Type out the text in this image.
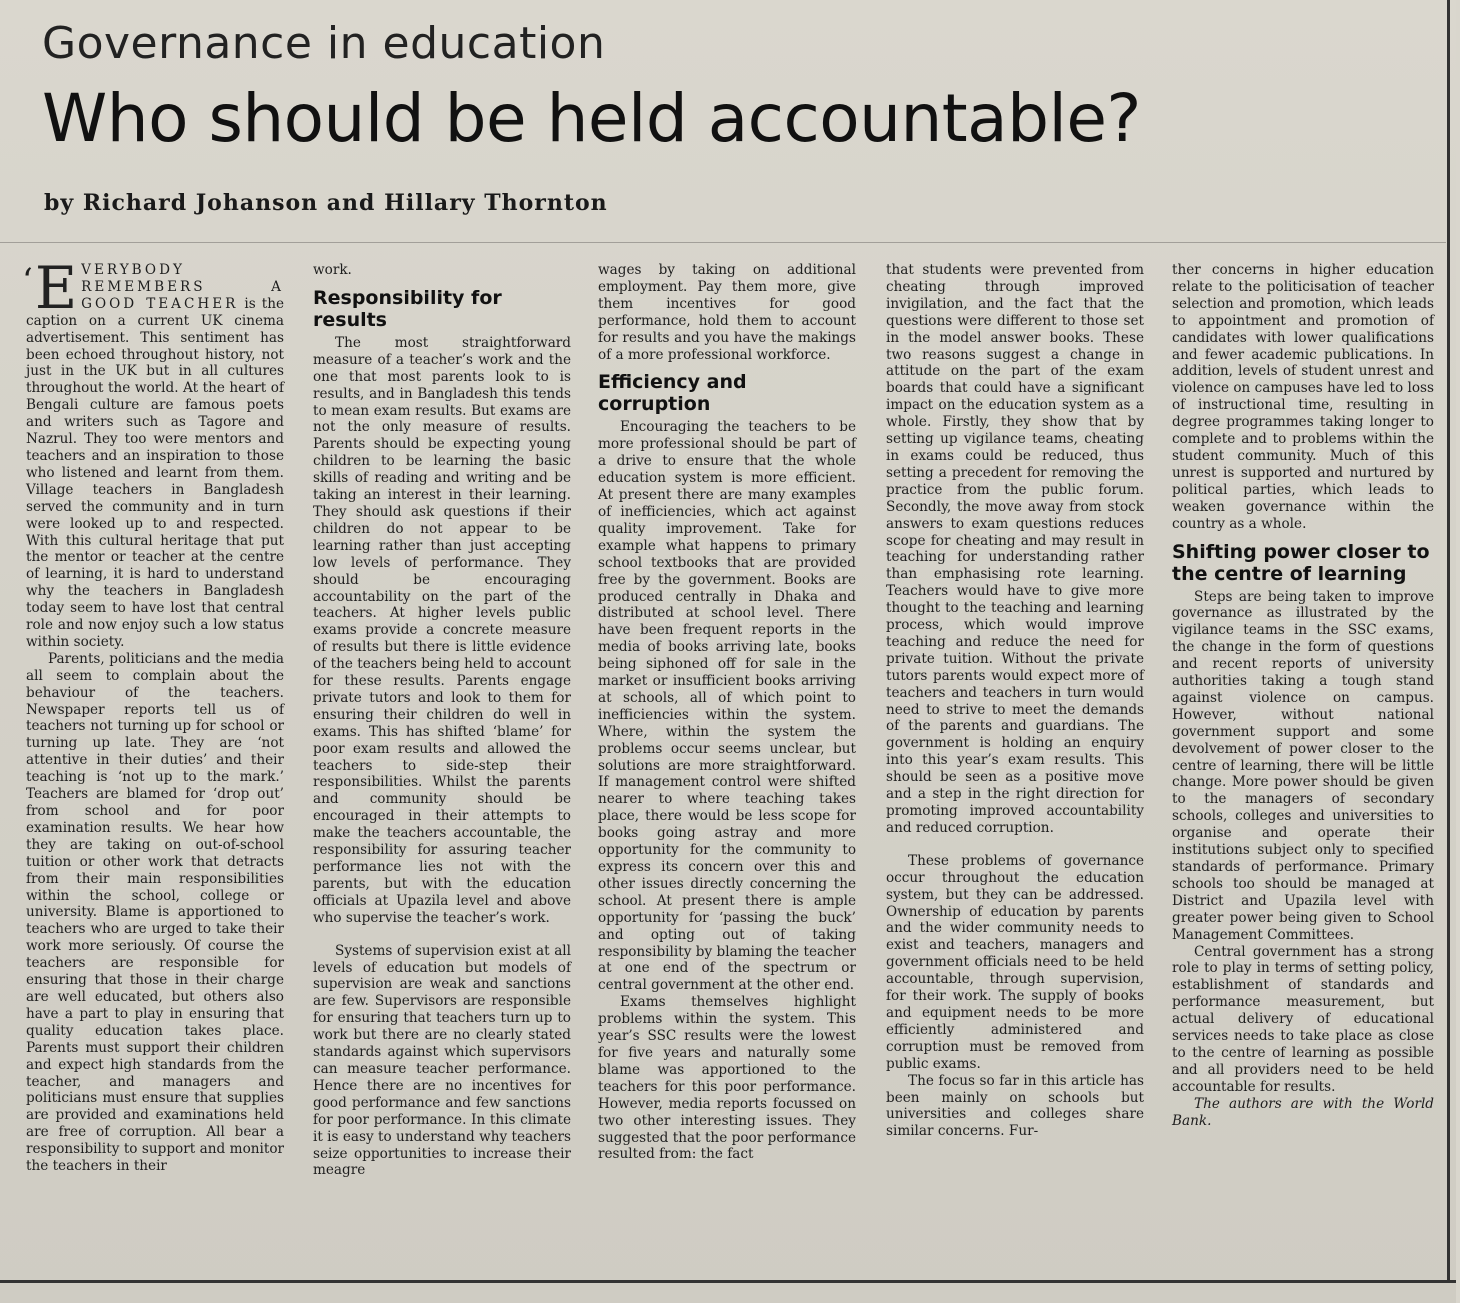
Governance in education
Who should be held accountable?
by Richard Johanson and Hillary Thornton

‘ E VERYBODY REMEMBERS A GOOD TEACHER is the caption on a current UK cinema advertisement. This sentiment has been echoed throughout history, not just in the UK but in all cultures throughout the world. At the heart of Bengali culture are famous poets and writers such as Tagore and Nazrul. They too were mentors and teachers and an inspiration to those who listened and learnt from them. Village teachers in Bangladesh served the community and in turn were looked up to and respected. With this cultural heritage that put the mentor or teacher at the centre of learning, it is hard to understand why the teachers in Bangladesh today seem to have lost that central role and now enjoy such a low status within society.

Parents, politicians and the media all seem to complain about the behaviour of the teachers. Newspaper reports tell us of teachers not turning up for school or turning up late. They are ‘not attentive in their duties’ and their teaching is ‘not up to the mark.’ Teachers are blamed for ‘drop out’ from school and for poor examination results. We hear how they are taking on out-of-school tuition or other work that detracts from their main responsibilities within the school, college or university. Blame is apportioned to teachers who are urged to take their work more seriously. Of course the teachers are responsible for ensuring that those in their charge are well educated, but others also have a part to play in ensuring that quality education takes place. Parents must support their children and expect high standards from the teacher, and managers and politicians must ensure that supplies are provided and examinations held are free of corruption. All bear a responsibility to support and monitor the teachers in their

work.

Responsibility for results

The most straightforward measure of a teacher’s work and the one that most parents look to is results, and in Bangladesh this tends to mean exam results. But exams are not the only measure of results. Parents should be expecting young children to be learning the basic skills of reading and writing and be taking an interest in their learning. They should ask questions if their children do not appear to be learning rather than just accepting low levels of performance. They should be encouraging accountability on the part of the teachers. At higher levels public exams provide a concrete measure of results but there is little evidence of the teachers being held to account for these results. Parents engage private tutors and look to them for ensuring their children do well in exams. This has shifted ‘blame’ for poor exam results and allowed the teachers to side-step their responsibilities. Whilst the parents and community should be encouraged in their attempts to make the teachers accountable, the responsibility for assuring teacher performance lies not with the parents, but with the education officials at Upazila level and above who supervise the teacher’s work.

Systems of supervision exist at all levels of education but models of supervision are weak and sanctions are few. Supervisors are responsible for ensuring that teachers turn up to work but there are no clearly stated standards against which supervisors can measure teacher performance. Hence there are no incentives for good performance and few sanctions for poor performance. In this climate it is easy to understand why teachers seize opportunities to increase their meagre

wages by taking on additional employment. Pay them more, give them incentives for good performance, hold them to account for results and you have the makings of a more professional workforce.

Efficiency and corruption

Encouraging the teachers to be more professional should be part of a drive to ensure that the whole education system is more efficient. At present there are many examples of inefficiencies, which act against quality improvement. Take for example what happens to primary school textbooks that are provided free by the government. Books are produced centrally in Dhaka and distributed at school level. There have been frequent reports in the media of books arriving late, books being siphoned off for sale in the market or insufficient books arriving at schools, all of which point to inefficiencies within the system. Where, within the system the problems occur seems unclear, but solutions are more straightforward. If management control were shifted nearer to where teaching takes place, there would be less scope for books going astray and more opportunity for the community to express its concern over this and other issues directly concerning the school. At present there is ample opportunity for ‘passing the buck’ and opting out of taking responsibility by blaming the teacher at one end of the spectrum or central government at the other end.

Exams themselves highlight problems within the system. This year’s SSC results were the lowest for five years and naturally some blame was apportioned to the teachers for this poor performance. However, media reports focussed on two other interesting issues. They suggested that the poor performance resulted from: the fact

that students were prevented from cheating through improved invigilation, and the fact that the questions were different to those set in the model answer books. These two reasons suggest a change in attitude on the part of the exam boards that could have a significant impact on the education system as a whole. Firstly, they show that by setting up vigilance teams, cheating in exams could be reduced, thus setting a precedent for removing the practice from the public forum. Secondly, the move away from stock answers to exam questions reduces scope for cheating and may result in teaching for understanding rather than emphasising rote learning. Teachers would have to give more thought to the teaching and learning process, which would improve teaching and reduce the need for private tuition. Without the private tutors parents would expect more of teachers and teachers in turn would need to strive to meet the demands of the parents and guardians. The government is holding an enquiry into this year’s exam results. This should be seen as a positive move and a step in the right direction for promoting improved accountability and reduced corruption.

These problems of governance occur throughout the education system, but they can be addressed. Ownership of education by parents and the wider community needs to exist and teachers, managers and government officials need to be held accountable, through supervision, for their work. The supply of books and equipment needs to be more efficiently administered and corruption must be removed from public exams.

The focus so far in this article has been mainly on schools but universities and colleges share similar concerns. Fur-

ther concerns in higher education relate to the politicisation of teacher selection and promotion, which leads to appointment and promotion of candidates with lower qualifications and fewer academic publications. In addition, levels of student unrest and violence on campuses have led to loss of instructional time, resulting in degree programmes taking longer to complete and to problems within the student community. Much of this unrest is supported and nurtured by political parties, which leads to weaken governance within the country as a whole.

Shifting power closer to the centre of learning

Steps are being taken to improve governance as illustrated by the vigilance teams in the SSC exams, the change in the form of questions and recent reports of university authorities taking a tough stand against violence on campus. However, without national government support and some devolvement of power closer to the centre of learning, there will be little change. More power should be given to the managers of secondary schools, colleges and universities to organise and operate their institutions subject only to specified standards of performance. Primary schools too should be managed at District and Upazila level with greater power being given to School Management Committees.

Central government has a strong role to play in terms of setting policy, establishment of standards and performance measurement, but actual delivery of educational services needs to take place as close to the centre of learning as possible and all providers need to be held accountable for results.

The authors are with the World Bank.
